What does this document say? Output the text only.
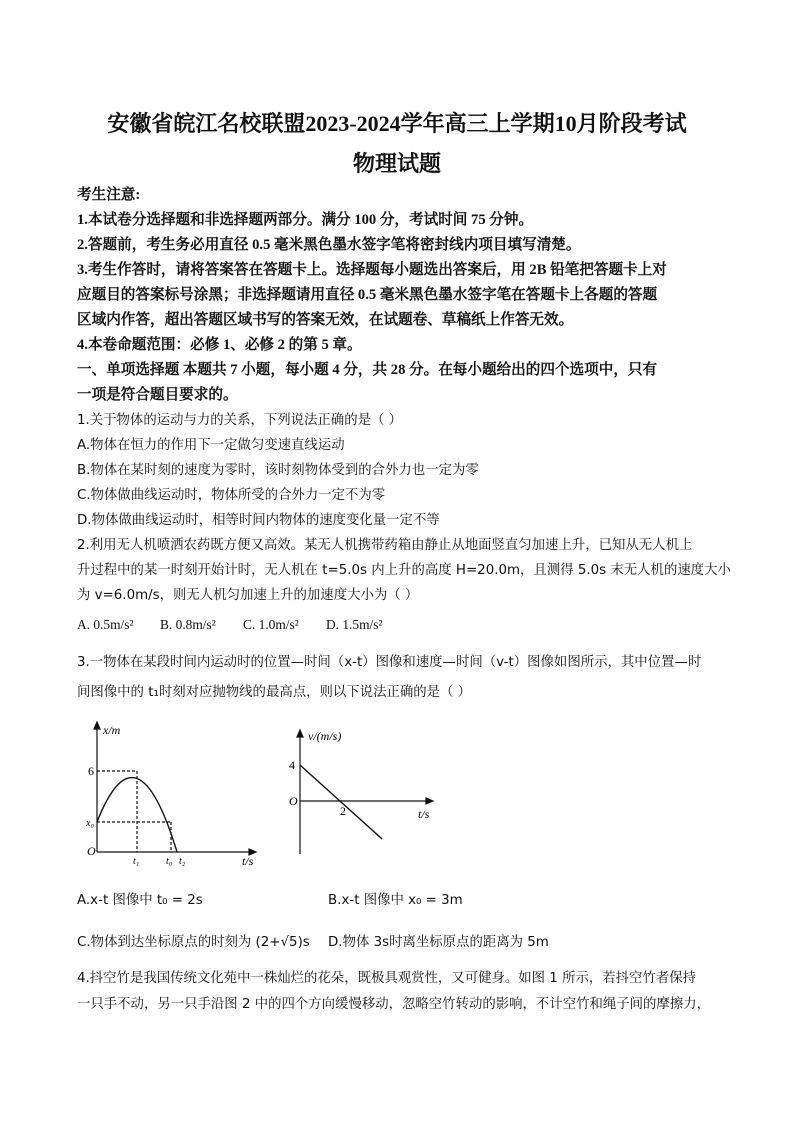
安徽省皖江名校联盟2023-2024学年高三上学期10月阶段考试
物理试题
考生注意:
1.本试卷分选择题和非选择题两部分。满分 100 分，考试时间 75 分钟。
2.答题前，考生务必用直径 0.5 毫米黑色墨水签字笔将密封线内项目填写清楚。
3.考生作答时，请将答案答在答题卡上。选择题每小题选出答案后，用 2B 铅笔把答题卡上对
应题目的答案标号涂黑；非选择题请用直径 0.5 毫米黑色墨水签字笔在答题卡上各题的答题
区域内作答，超出答题区域书写的答案无效，在试题卷、草稿纸上作答无效。
4.本卷命题范围：必修 1、必修 2 的第 5 章。
一、单项选择题 本题共 7 小题，每小题 4 分，共 28 分。在每小题给出的四个选项中，只有
一项是符合题目要求的。
1.关于物体的运动与力的关系，下列说法正确的是（ ）
A.物体在恒力的作用下一定做匀变速直线运动
B.物体在某时刻的速度为零时，该时刻物体受到的合外力也一定为零
C.物体做曲线运动时，物体所受的合外力一定不为零
D.物体做曲线运动时，相等时间内物体的速度变化量一定不等
2.利用无人机喷洒农药既方便又高效。某无人机携带药箱由静止从地面竖直匀加速上升，已知从无人机上
升过程中的某一时刻开始计时，无人机在 t=5.0s 内上升的高度 H=20.0m，且测得 5.0s 末无人机的速度大小
为 v=6.0m/s，则无人机匀加速上升的加速度大小为（ ）
A. 0.5m/s² B. 0.8m/s² C. 1.0m/s² D. 1.5m/s²
3.一物体在某段时间内运动时的位置—时间（x-t）图像和速度—时间（v-t）图像如图所示，其中位置—时
间图像中的 t₁时刻对应抛物线的最高点，则以下说法正确的是（ ）
x/m
6
x₀
O
t₁	t₀ t₂	t/s
v/(m/s)
4
O
2	t/s
A.x-t 图像中 t₀ = 2s	B.x-t 图像中 x₀ = 3m
C.物体到达坐标原点的时刻为 (2+√5)s D.物体 3s时离坐标原点的距离为 5m
4.抖空竹是我国传统文化苑中一株灿烂的花朵，既极具观赏性，又可健身。如图 1 所示，若抖空竹者保持
一只手不动，另一只手沿图 2 中的四个方向缓慢移动，忽略空竹转动的影响，不计空竹和绳子间的摩擦力，
